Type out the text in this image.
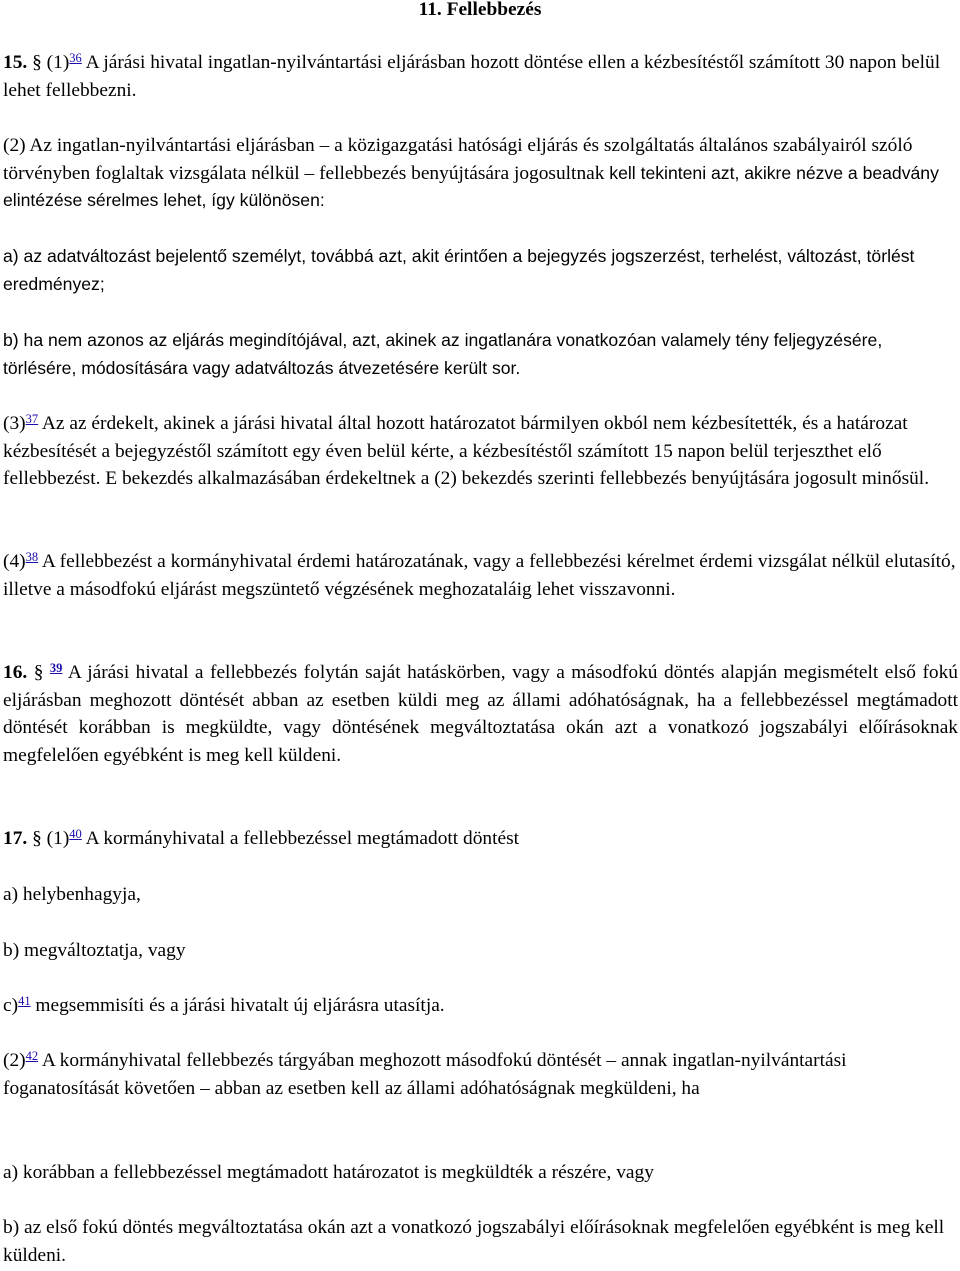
11. Fellebbezés

15. § (1)$^{36}$ A járási hivatal ingatlan-nyilvántartási eljárásban hozott döntése ellen a kézbesítéstől számított 30 napon belül lehet fellebbezni.

(2) Az ingatlan-nyilvántartási eljárásban – a közigazgatási hatósági eljárás és szolgáltatás általános szabályairól szóló törvényben foglaltak vizsgálata nélkül – fellebbezés benyújtására jogosultnak kell tekinteni azt, akikre nézve a beadvány elintézése sérelmes lehet, így különösen:

a) az adatváltozást bejelentő személyt, továbbá azt, akit érintően a bejegyzés jogszerzést, terhelést, változást, törlést eredményez;

b) ha nem azonos az eljárás megindítójával, azt, akinek az ingatlanára vonatkozóan valamely tény feljegyzésére, törlésére, módosítására vagy adatváltozás átvezetésére került sor.

(3)$^{37}$ Az az érdekelt, akinek a járási hivatal által hozott határozatot bármilyen okból nem kézbesítették, és a határozat kézbesítését a bejegyzéstől számított egy éven belül kérte, a kézbesítéstől számított 15 napon belül terjeszthet elő fellebbezést. E bekezdés alkalmazásában érdekeltnek a (2) bekezdés szerinti fellebbezés benyújtására jogosult minősül.

(4)$^{38}$ A fellebbezést a kormányhivatal érdemi határozatának, vagy a fellebbezési kérelmet érdemi vizsgálat nélkül elutasító, illetve a másodfokú eljárást megszüntető végzésének meghozataláig lehet visszavonni.

16. § $^{39}$ A járási hivatal a fellebbezés folytán saját hatáskörben, vagy a másodfokú döntés alapján megismételt első fokú eljárásban meghozott döntését abban az esetben küldi meg az állami adóhatóságnak, ha a fellebbezéssel megtámadott döntését korábban is megküldte, vagy döntésének megváltoztatása okán azt a vonatkozó jogszabályi előírásoknak megfelelően egyébként is meg kell küldeni.

17. § (1)$^{40}$ A kormányhivatal a fellebbezéssel megtámadott döntést

a) helybenhagyja,

b) megváltoztatja, vagy

c)$^{41}$ megsemmisíti és a járási hivatalt új eljárásra utasítja.

(2)$^{42}$ A kormányhivatal fellebbezés tárgyában meghozott másodfokú döntését – annak ingatlan-nyilvántartási foganatosítását követően – abban az esetben kell az állami adóhatóságnak megküldeni, ha

a) korábban a fellebbezéssel megtámadott határozatot is megküldték a részére, vagy

b) az első fokú döntés megváltoztatása okán azt a vonatkozó jogszabályi előírásoknak megfelelően egyébként is meg kell küldeni.
